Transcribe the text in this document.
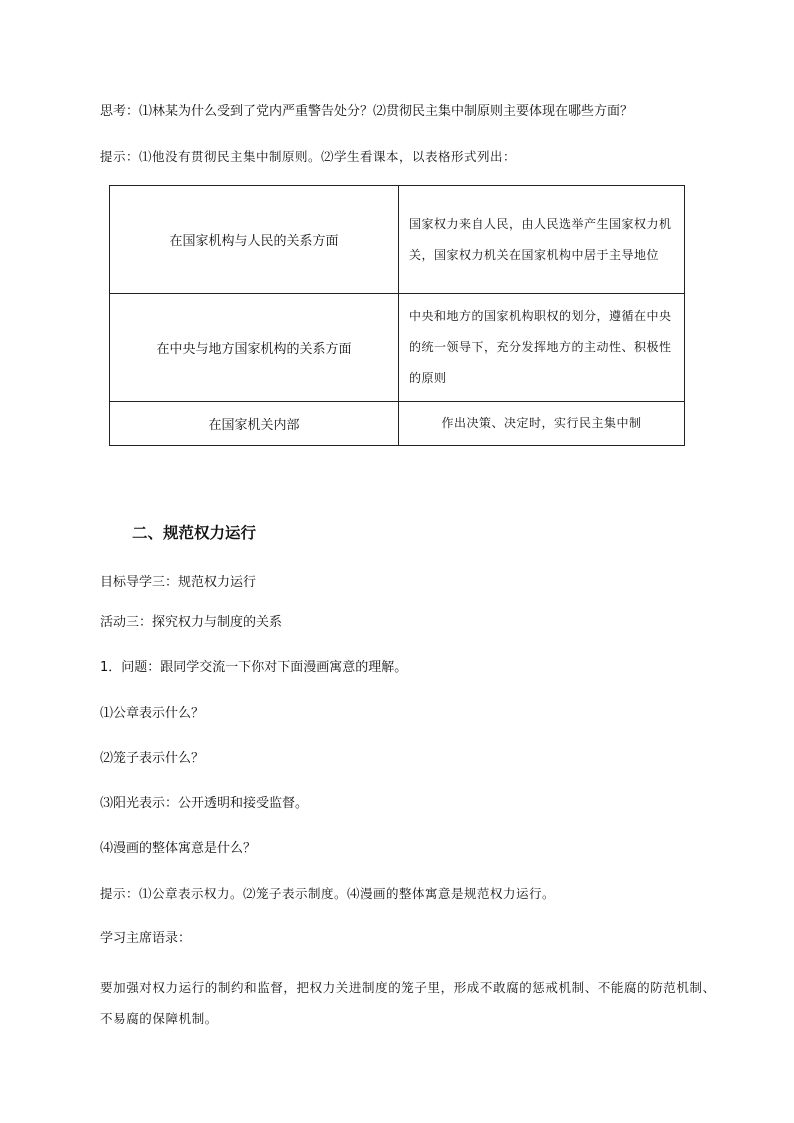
思考：⑴林某为什么受到了党内严重警告处分？⑵贯彻民主集中制原则主要体现在哪些方面？
提示：⑴他没有贯彻民主集中制原则。⑵学生看课本，以表格形式列出：
在国家机构与人民的关系方面	国家权力来自人民，由人民选举产生国家权力机关，国家权力机关在国家机构中居于主导地位
在中央与地方国家机构的关系方面	中央和地方的国家机构职权的划分，遵循在中央的统一领导下，充分发挥地方的主动性、积极性的原则
在国家机关内部	作出决策、决定时，实行民主集中制
二、规范权力运行
目标导学三：规范权力运行
活动三：探究权力与制度的关系
1．问题：跟同学交流一下你对下面漫画寓意的理解。
⑴公章表示什么？
⑵笼子表示什么？
⑶阳光表示：公开透明和接受监督。
⑷漫画的整体寓意是什么？
提示：⑴公章表示权力。⑵笼子表示制度。⑷漫画的整体寓意是规范权力运行。
学习主席语录：
要加强对权力运行的制约和监督，把权力关进制度的笼子里，形成不敢腐的惩戒机制、不能腐的防范机制、不易腐的保障机制。
